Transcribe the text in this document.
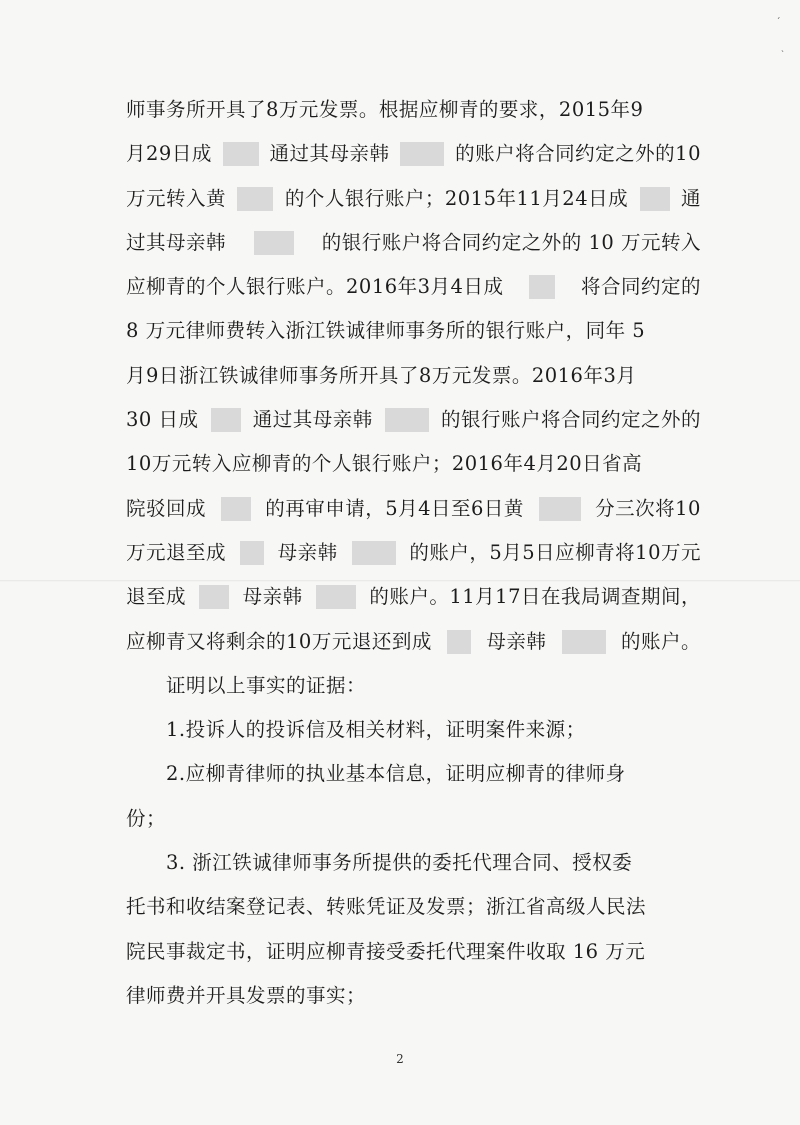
师事务所开具了8万元发票。根据应柳青的要求，2015年9
月29日成	通过其母亲韩	的账户将合同约定之外的10
万元转入黄	的个人银行账户；2015年11月24日成	通
过其母亲韩	的银行账户将合同约定之外的 10 万元转入
应柳青的个人银行账户。2016年3月4日成	将合同约定的
8 万元律师费转入浙江铁诚律师事务所的银行账户，同年 5
月9日浙江铁诚律师事务所开具了8万元发票。2016年3月
30 日成	通过其母亲韩	的银行账户将合同约定之外的
10万元转入应柳青的个人银行账户；2016年4月20日省高
院驳回成	的再审申请，5月4日至6日黄	分三次将10
万元退至成	母亲韩	的账户，5月5日应柳青将10万元
退至成	母亲韩	的账户。11月17日在我局调查期间，
应柳青又将剩余的10万元退还到成	母亲韩	的账户。
证明以上事实的证据：
1.投诉人的投诉信及相关材料，证明案件来源；
2.应柳青律师的执业基本信息，证明应柳青的律师身
份；
3. 浙江铁诚律师事务所提供的委托代理合同、授权委
托书和收结案登记表、转账凭证及发票；浙江省高级人民法
院民事裁定书，证明应柳青接受委托代理案件收取 16 万元
律师费并开具发票的事实；
2
ˊ
ˎ
